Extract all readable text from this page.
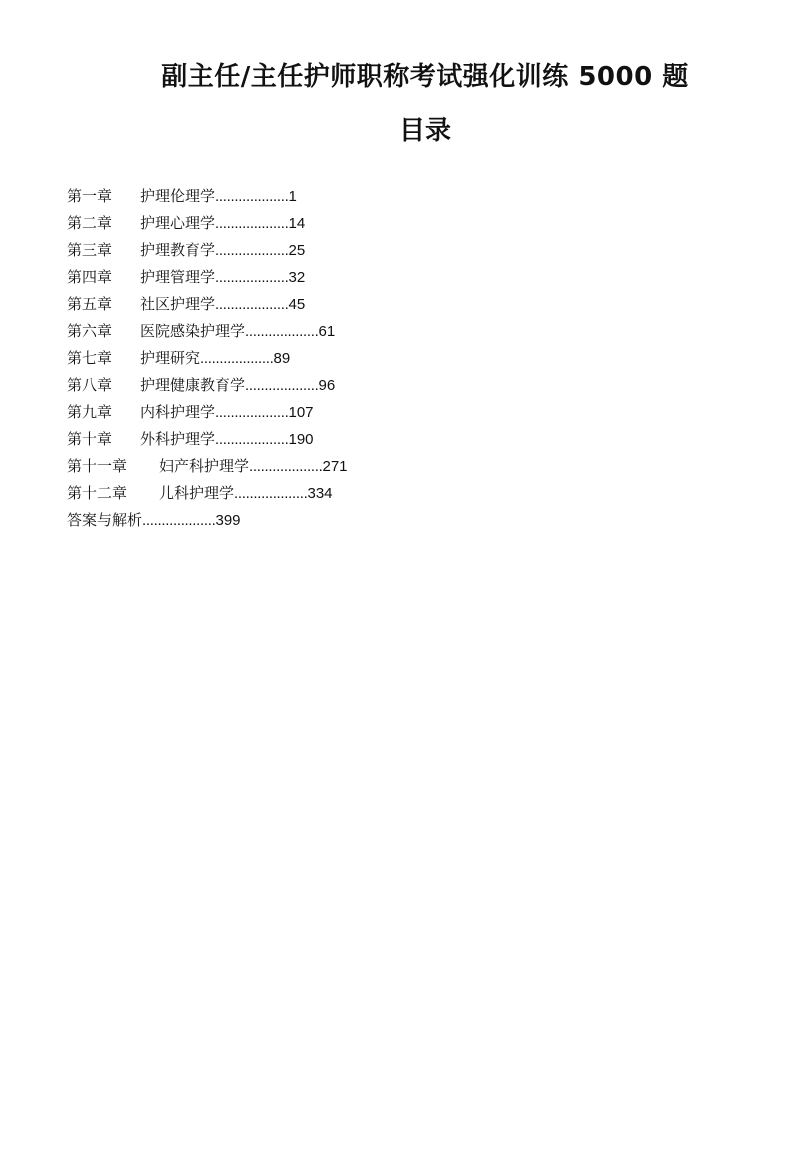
副主任/主任护师职称考试强化训练 5000 题
目录
第一章 护理伦理学...................1
第二章 护理心理学...................14
第三章 护理教育学...................25
第四章 护理管理学...................32
第五章 社区护理学...................45
第六章 医院感染护理学...................61
第七章 护理研究...................89
第八章 护理健康教育学...................96
第九章 内科护理学...................107
第十章 外科护理学...................190
第十一章 妇产科护理学...................271
第十二章 儿科护理学...................334
答案与解析...................399
